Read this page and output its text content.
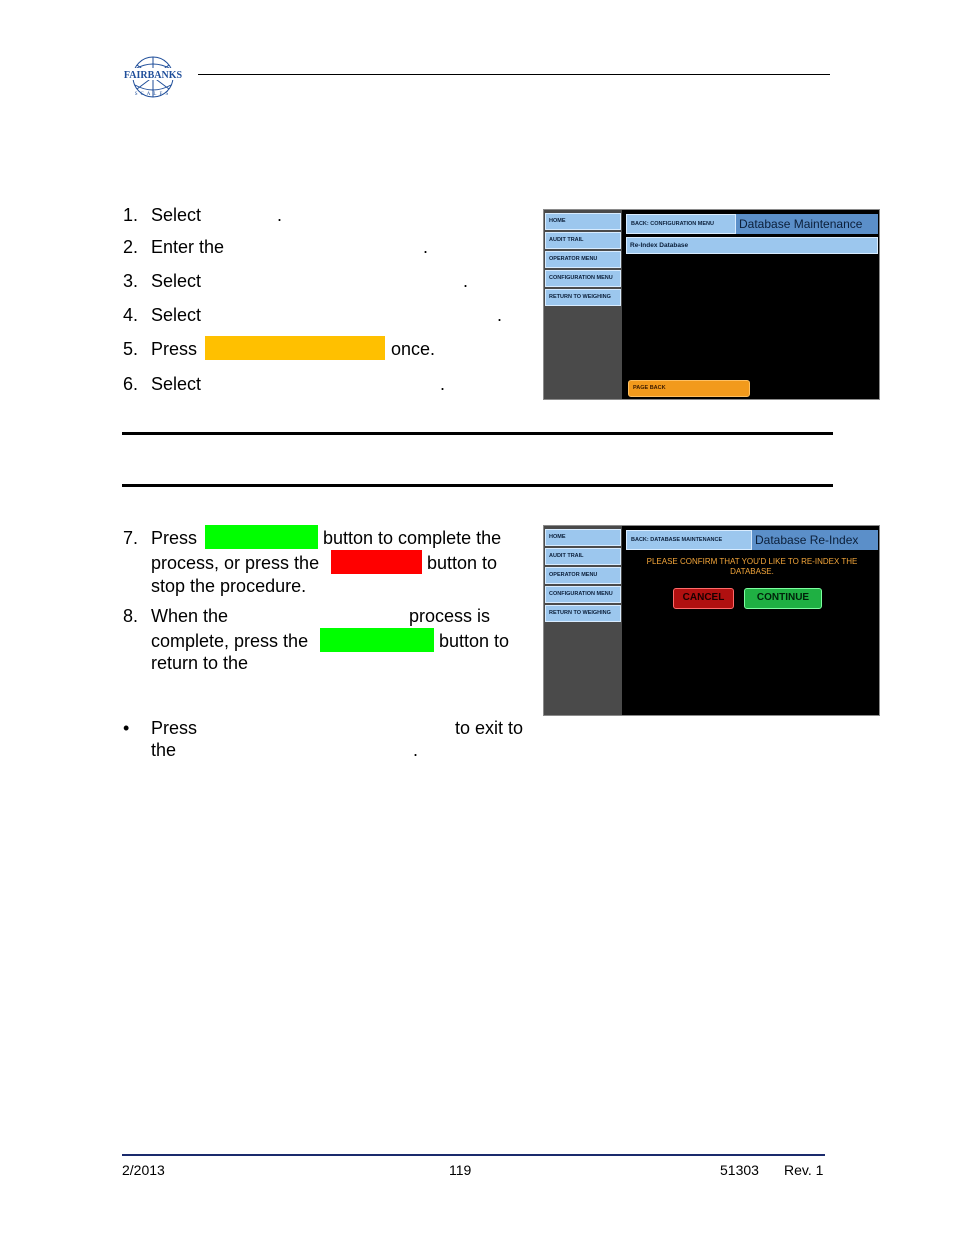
FAIRBANKS
SCALES
1. Select	.
2. Enter the	.
3. Select	.
4. Select	.
5. Press	once.
6. Select	.
HOME
AUDIT TRAIL
OPERATOR MENU
CONFIGURATION MENU
RETURN TO WEIGHING
BACK: CONFIGURATION MENU	Database Maintenance
Re-Index Database
PAGE BACK
7. Press	button to complete the
process, or press the	button to
stop the procedure.
8. When the	process is
complete, press the	button to
return to the
• Press	to exit to
the	.
HOME
AUDIT TRAIL
OPERATOR MENU
CONFIGURATION MENU
RETURN TO WEIGHING
BACK: DATABASE MAINTENANCE	Database Re-Index
PLEASE CONFIRM THAT YOU'D LIKE TO RE-INDEX THE
DATABASE.
CANCEL	CONTINUE
2/2013	119	51303 Rev. 1
